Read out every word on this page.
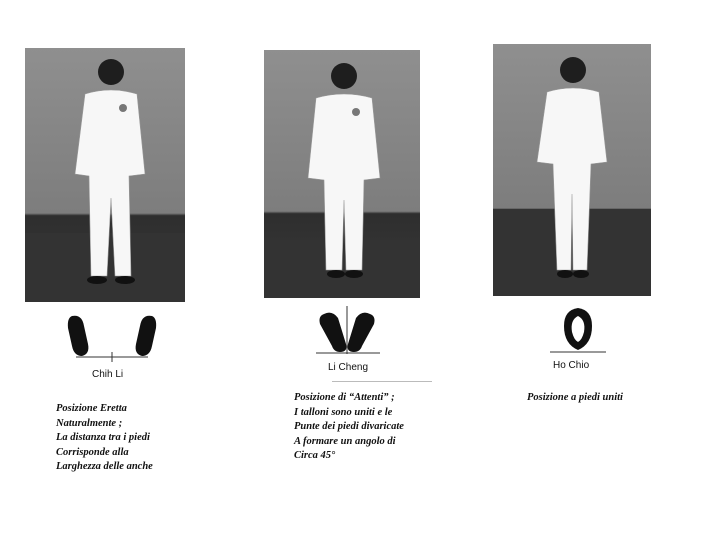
Chih Li
Posizione Eretta
Naturalmente ;
La distanza tra i piedi
Corrisponde alla
Larghezza delle anche
Li Cheng
Posizione di “Attenti” ;
I talloni sono uniti e le
Punte dei piedi divaricate
A formare un angolo di
Circa 45°
Ho Chio
Posizione a piedi uniti
